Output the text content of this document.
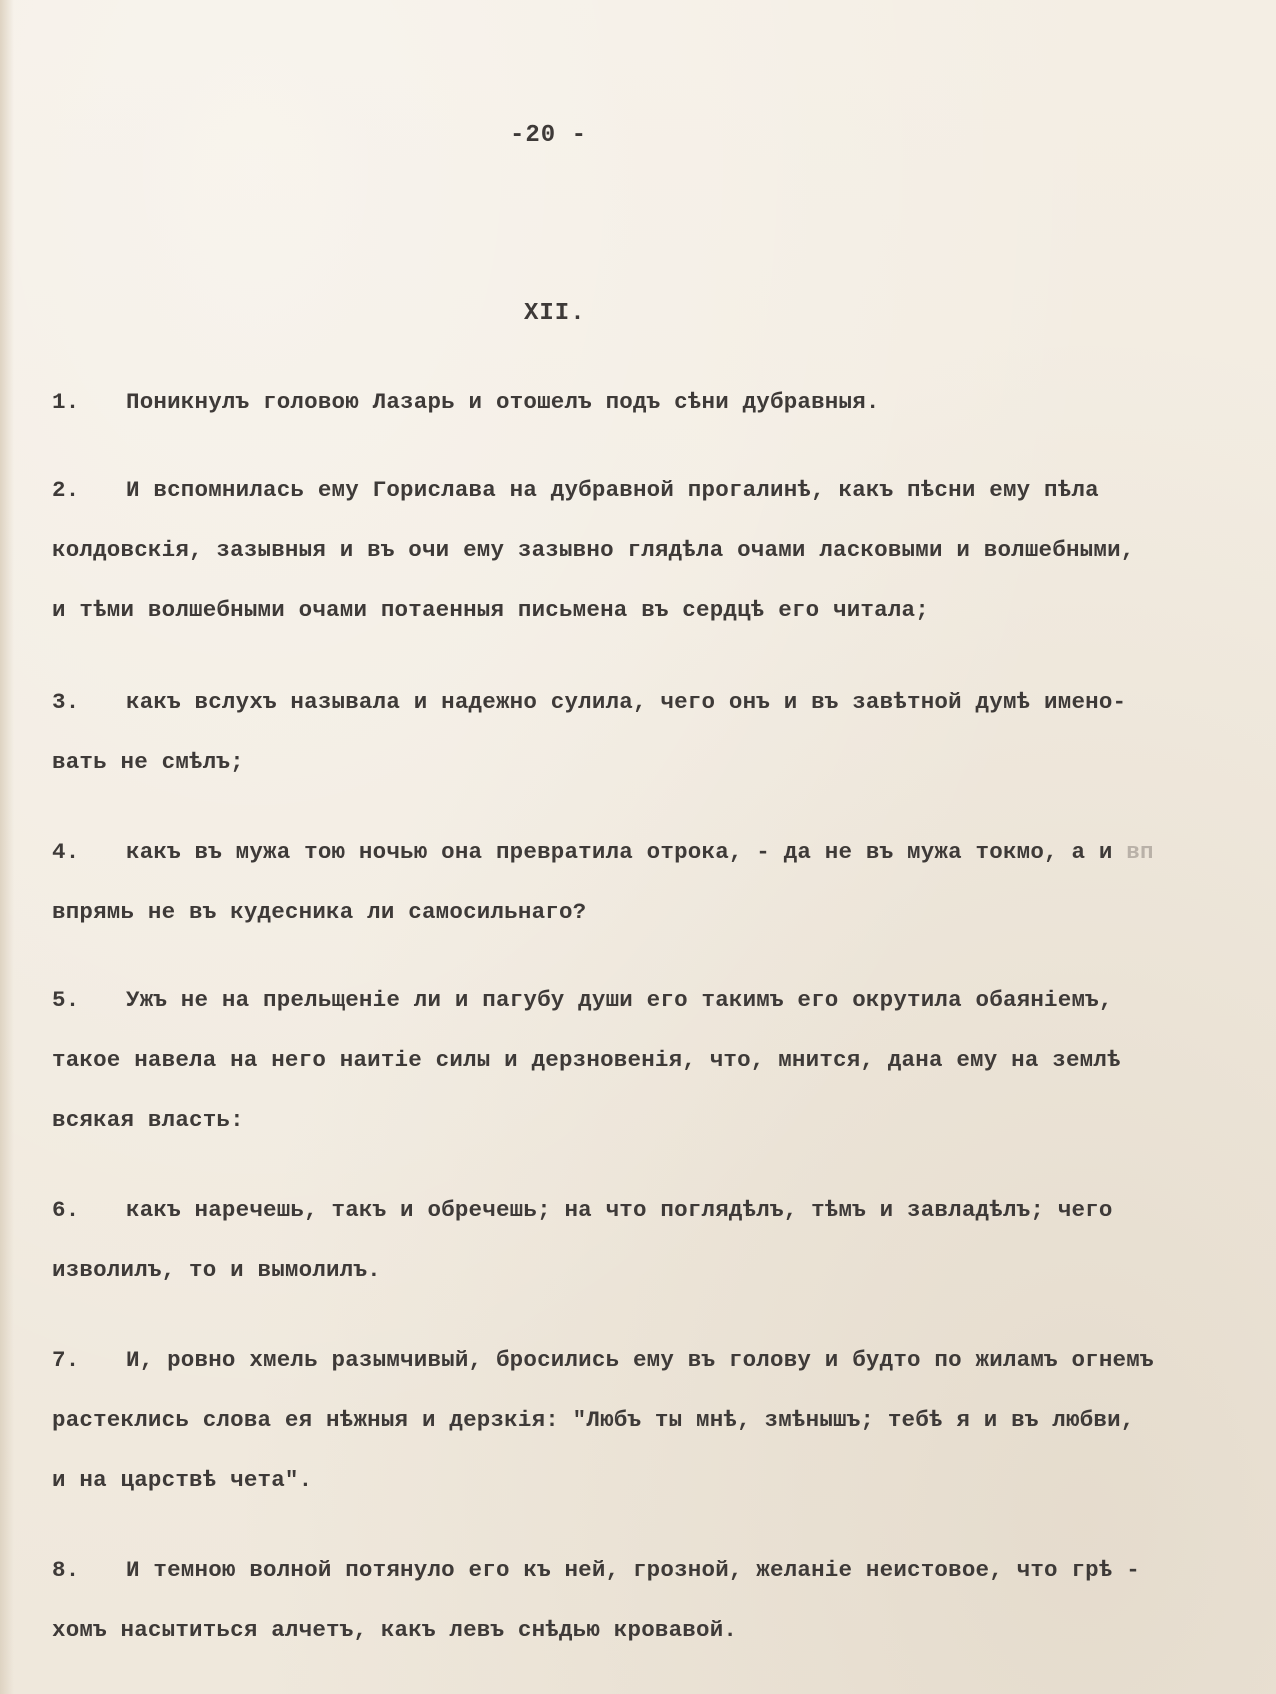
-20 -
XII.
1. Поникнулъ головою Лазарь и отошелъ подъ сѣни дубравныя.
2. И вспомнилась ему Горислава на дубравной прогалинѣ, какъ пѣсни ему пѣла
колдовскія, зазывныя и въ очи ему зазывно глядѣла очами ласковыми и волшебными,
и тѣми волшебными очами потаенныя письмена въ сердцѣ его читала;
3. какъ вслухъ называла и надежно сулила, чего онъ и въ завѣтной думѣ имено-
вать не смѣлъ;
4. какъ въ мужа тою ночью она превратила отрока, - да не въ мужа токмо, а и вп
впрямь не въ кудесника ли самосильнаго?
5. Ужъ не на прельщеніе ли и пагубу души его такимъ его окрутила обаяніемъ,
такое навела на него наитіе силы и дерзновенія, что, мнится, дана ему на землѣ
всякая власть:
6. какъ наречешь, такъ и обречешь; на что поглядѣлъ, тѣмъ и завладѣлъ; чего
изволилъ, то и вымолилъ.
7. И, ровно хмель разымчивый, бросились ему въ голову и будто по жиламъ огнемъ
растеклись слова ея нѣжныя и дерзкія: "Любъ ты мнѣ, змѣнышъ; тебѣ я и въ любви,
и на царствѣ чета".
8. И темною волной потянуло его къ ней, грозной, желаніе неистовое, что грѣ -
хомъ насытиться алчетъ, какъ левъ снѣдью кровавой.
